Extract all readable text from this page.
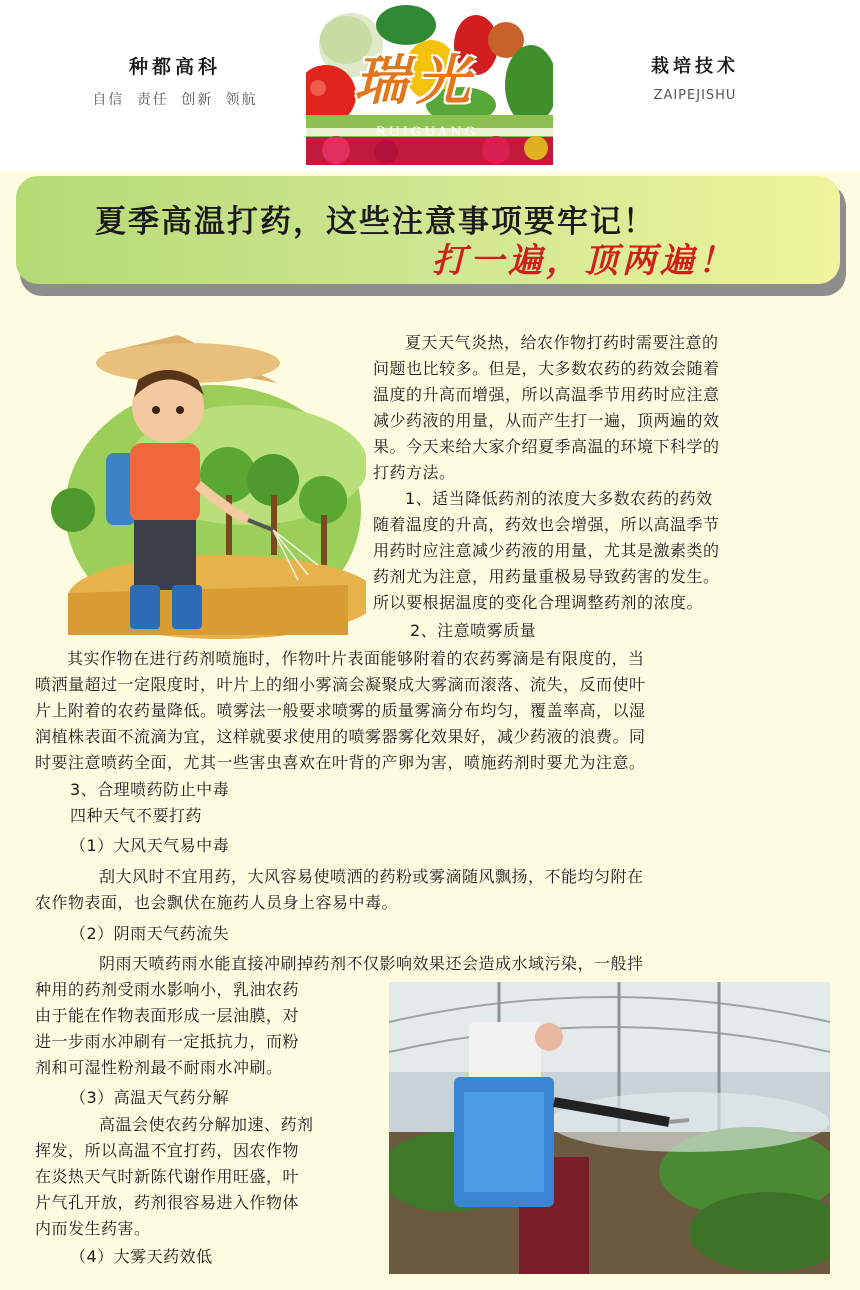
种都高科
自信 责任 创新 领航 瑞光
RUIGUANG
栽培技术
ZAIPEJISHU
夏季高温打药，这些注意事项要牢记！
打一遍，顶两遍！
夏天天气炎热，给农作物打药时需要注意的
问题也比较多。但是，大多数农药的药效会随着
温度的升高而增强，所以高温季节用药时应注意
减少药液的用量，从而产生打一遍，顶两遍的效
果。今天来给大家介绍夏季高温的环境下科学的
打药方法。
1、适当降低药剂的浓度大多数农药的药效
随着温度的升高，药效也会增强，所以高温季节
用药时应注意减少药液的用量，尤其是激素类的
药剂尤为注意，用药量重极易导致药害的发生。
所以要根据温度的变化合理调整药剂的浓度。
2、注意喷雾质量
其实作物在进行药剂喷施时，作物叶片表面能够附着的农药雾滴是有限度的，当
喷洒量超过一定限度时，叶片上的细小雾滴会凝聚成大雾滴而滚落、流失，反而使叶
片上附着的农药量降低。喷雾法一般要求喷雾的质量雾滴分布均匀，覆盖率高，以湿
润植株表面不流滴为宜，这样就要求使用的喷雾器雾化效果好，减少药液的浪费。同
时要注意喷药全面，尤其一些害虫喜欢在叶背的产卵为害，喷施药剂时要尤为注意。
3、合理喷药防止中毒
四种天气不要打药
（1）大风天气易中毒
刮大风时不宜用药，大风容易使喷洒的药粉或雾滴随风飘扬，不能均匀附在
农作物表面，也会飘伏在施药人员身上容易中毒。
（2）阴雨天气药流失
阴雨天喷药雨水能直接冲刷掉药剂不仅影响效果还会造成水域污染，一般拌
种用的药剂受雨水影响小，乳油农药
由于能在作物表面形成一层油膜，对
进一步雨水冲刷有一定抵抗力，而粉
剂和可湿性粉剂最不耐雨水冲刷。
（3）高温天气药分解
高温会使农药分解加速、药剂
挥发，所以高温不宜打药，因农作物
在炎热天气时新陈代谢作用旺盛，叶
片气孔开放，药剂很容易进入作物体
内而发生药害。
（4）大雾天药效低
